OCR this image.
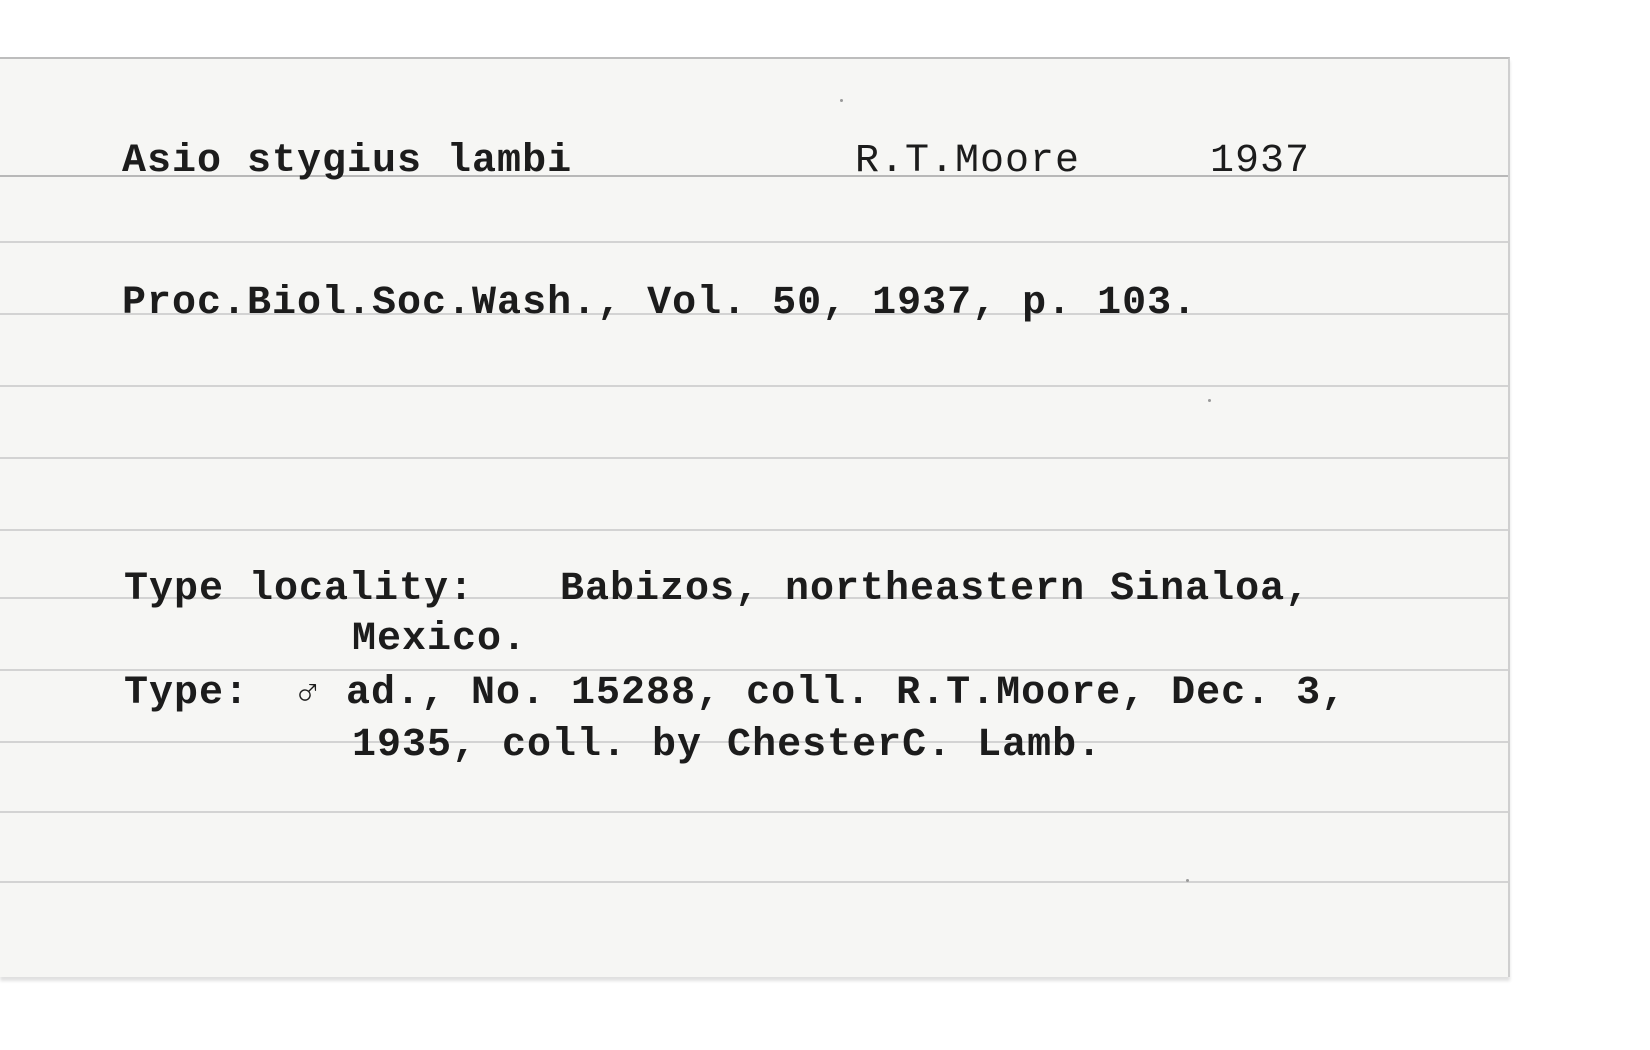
Asio stygius lambi	R.T.Moore	1937
Proc.Biol.Soc.Wash., Vol. 50, 1937, p. 103.
Type locality: Babizos, northeastern Sinaloa,
Mexico.
Type: ♂ ad., No. 15288, coll. R.T.Moore, Dec. 3,
1935, coll. by ChesterC. Lamb.
